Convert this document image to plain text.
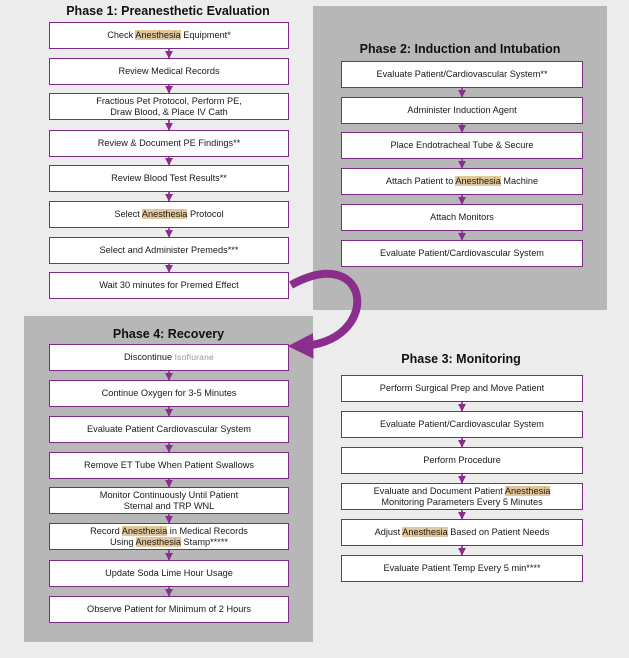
Phase 1: Preanesthetic Evaluation
Phase 2: Induction and Intubation
Phase 3: Monitoring
Phase 4: Recovery
Check Anesthesia Equipment*
Review Medical Records
Fractious Pet Protocol, Perform PE,
Draw Blood, & Place IV Cath
Review & Document PE Findings**
Review Blood Test Results**
Select Anesthesia Protocol
Select and Administer Premeds***
Wait 30 minutes for Premed Effect
Evaluate Patient/Cardiovascular System**
Administer Induction Agent
Place Endotracheal Tube & Secure
Attach Patient to Anesthesia Machine
Attach Monitors
Evaluate Patient/Cardiovascular System
Perform Surgical Prep and Move Patient
Evaluate Patient/Cardiovascular System
Perform Procedure
Evaluate and Document Patient Anesthesia
Monitoring Parameters Every 5 Minutes
Adjust Anesthesia Based on Patient Needs
Evaluate Patient Temp Every 5 min****
Discontinue Isoflurane
Continue Oxygen for 3-5 Minutes
Evaluate Patient Cardiovascular System
Remove ET Tube When Patient Swallows
Monitor Continuously Until Patient
Sternal and TRP WNL
Record Anesthesia in Medical Records
Using Anesthesia Stamp*****
Update Soda Lime Hour Usage
Observe Patient for Minimum of 2 Hours
